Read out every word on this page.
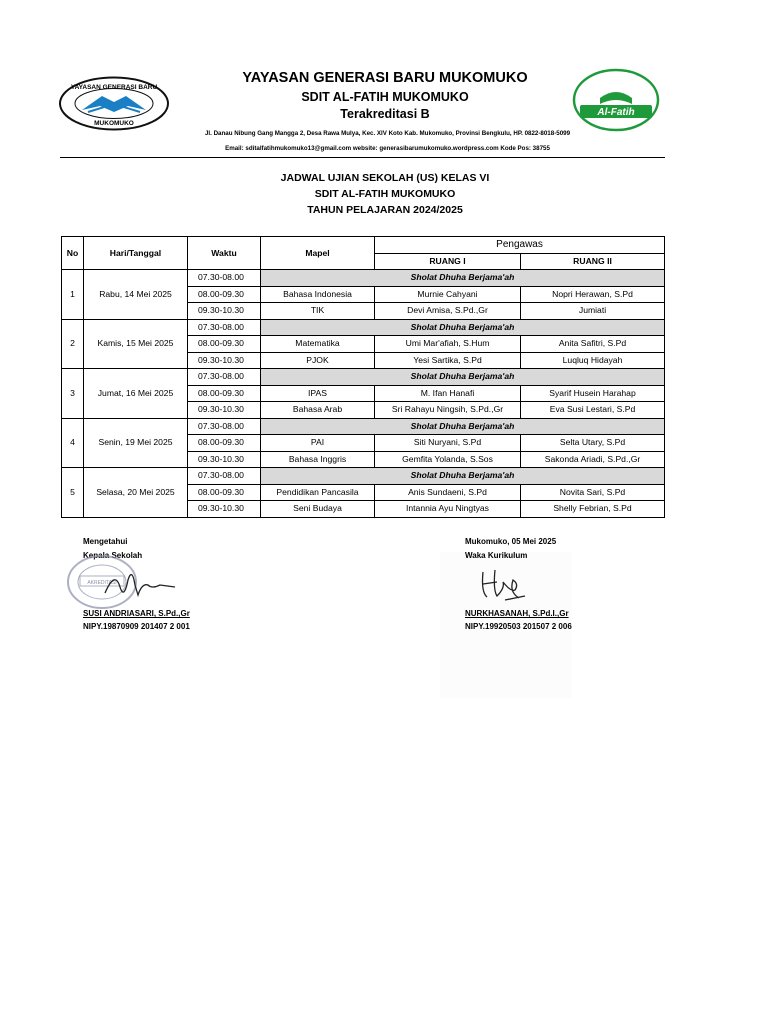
YAYASAN GENERASI BARU
MUKOMUKO
YAYASAN GENERASI BARU MUKOMUKO
SDIT AL-FATIH MUKOMUKO
Terakreditasi B
Jl. Danau Nibung Gang Mangga 2, Desa Rawa Mulya, Kec. XIV Koto Kab. Mukomuko, Provinsi Bengkulu, HP. 0822-8018-5099
Email: sditalfatihmukomuko13@gmail.com website: generasibarumukomuko.wordpress.com Kode Pos: 38755
Al-Fatih
JADWAL UJIAN SEKOLAH (US) KELAS VI
SDIT AL-FATIH MUKOMUKO
TAHUN PELAJARAN 2024/2025
No	Hari/Tanggal	Waktu	Mapel	Pengawas	
				RUANG I	RUANG II
1	Rabu, 14 Mei 2025	07.30-08.00	Sholat Dhuha Berjama'ah		
		08.00-09.30	Bahasa Indonesia	Murnie Cahyani	Nopri Herawan, S.Pd
		09.30-10.30	TIK	Devi Amisa, S.Pd.,Gr	Jumiati
2	Kamis, 15 Mei 2025	07.30-08.00	Sholat Dhuha Berjama'ah		
		08.00-09.30	Matematika	Umi Mar'afiah, S.Hum	Anita Safitri, S.Pd
		09.30-10.30	PJOK	Yesi Sartika, S.Pd	Luqluq Hidayah
3	Jumat, 16 Mei 2025	07.30-08.00	Sholat Dhuha Berjama'ah		
		08.00-09.30	IPAS	M. Ifan Hanafi	Syarif Husein Harahap
		09.30-10.30	Bahasa Arab	Sri Rahayu Ningsih, S.Pd.,Gr	Eva Susi Lestari, S.Pd
4	Senin, 19 Mei 2025	07.30-08.00	Sholat Dhuha Berjama'ah		
		08.00-09.30	PAI	Siti Nuryani, S.Pd	Selta Utary, S.Pd
		09.30-10.30	Bahasa Inggris	Gemfita Yolanda, S.Sos	Sakonda Ariadi, S.Pd.,Gr
5	Selasa, 20 Mei 2025	07.30-08.00	Sholat Dhuha Berjama'ah		
		08.00-09.30	Pendidikan Pancasila	Anis Sundaeni, S.Pd	Novita Sari, S.Pd
		09.30-10.30	Seni Budaya	Intannia Ayu Ningtyas	Shelly Febrian, S.Pd
Mengetahui
Kepala Sekolah
AKREDITASI
SUSI ANDRIASARI, S.Pd.,Gr
NIPY.19870909 201407 2 001
Mukomuko, 05 Mei 2025
Waka Kurikulum
NURKHASANAH, S.Pd.I.,Gr
NIPY.19920503 201507 2 006
